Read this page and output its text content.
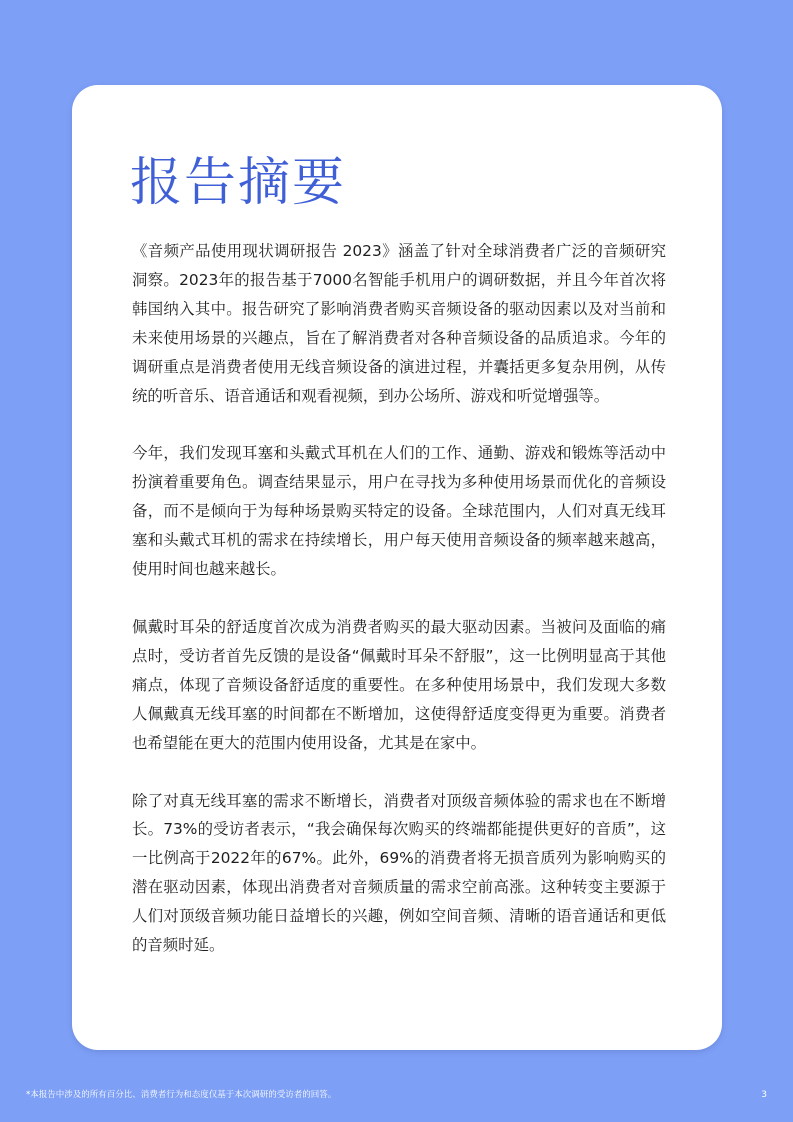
报告摘要

《音频产品使用现状调研报告 2023》涵盖了针对全球消费者广泛的音频研究洞察。2023年的报告基于7000名智能手机用户的调研数据，并且今年首次将韩国纳入其中。报告研究了影响消费者购买音频设备的驱动因素以及对当前和未来使用场景的兴趣点，旨在了解消费者对各种音频设备的品质追求。今年的调研重点是消费者使用无线音频设备的演进过程，并囊括更多复杂用例，从传统的听音乐、语音通话和观看视频，到办公场所、游戏和听觉增强等。

今年，我们发现耳塞和头戴式耳机在人们的工作、通勤、游戏和锻炼等活动中扮演着重要角色。调查结果显示，用户在寻找为多种使用场景而优化的音频设备，而不是倾向于为每种场景购买特定的设备。全球范围内，人们对真无线耳塞和头戴式耳机的需求在持续增长，用户每天使用音频设备的频率越来越高，使用时间也越来越长。

佩戴时耳朵的舒适度首次成为消费者购买的最大驱动因素。当被问及面临的痛点时，受访者首先反馈的是设备“佩戴时耳朵不舒服”，这一比例明显高于其他痛点，体现了音频设备舒适度的重要性。在多种使用场景中，我们发现大多数人佩戴真无线耳塞的时间都在不断增加，这使得舒适度变得更为重要。消费者也希望能在更大的范围内使用设备，尤其是在家中。

除了对真无线耳塞的需求不断增长，消费者对顶级音频体验的需求也在不断增长。73%的受访者表示，“我会确保每次购买的终端都能提供更好的音质”，这一比例高于2022年的67%。此外，69%的消费者将无损音质列为影响购买的潜在驱动因素，体现出消费者对音频质量的需求空前高涨。这种转变主要源于人们对顶级音频功能日益增长的兴趣，例如空间音频、清晰的语音通话和更低的音频时延。

*本报告中涉及的所有百分比、消费者行为和态度仅基于本次调研的受访者的回答。	3
